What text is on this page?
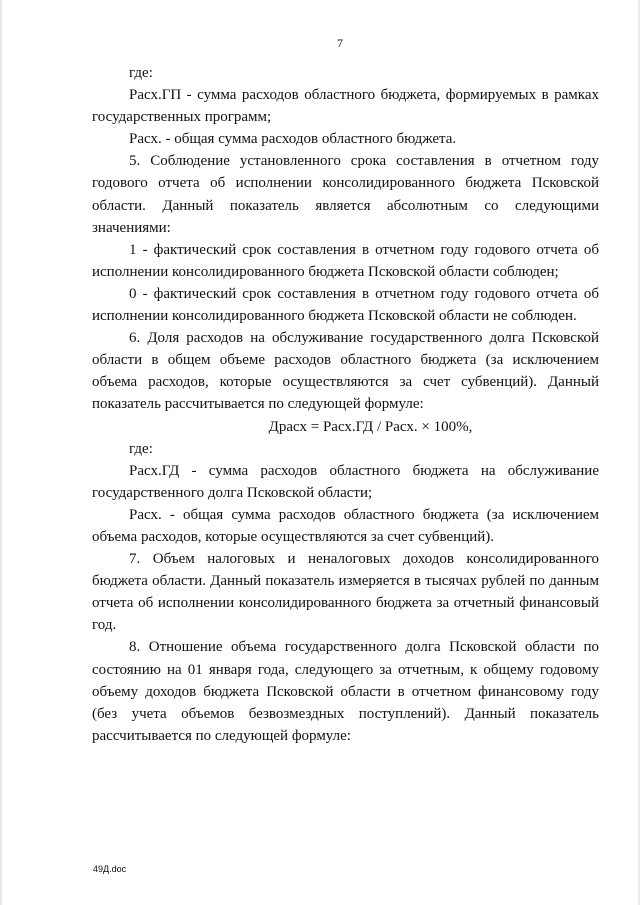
7

где:

Расх.ГП - сумма расходов областного бюджета, формируемых в рамках государственных программ;

Расх. - общая сумма расходов областного бюджета.

5. Соблюдение установленного срока составления в отчетном году годового отчета об исполнении консолидированного бюджета Псковской области. Данный показатель является абсолютным со следующими значениями:

1 - фактический срок составления в отчетном году годового отчета об исполнении консолидированного бюджета Псковской области соблюден;

0 - фактический срок составления в отчетном году годового отчета об исполнении консолидированного бюджета Псковской области не соблюден.

6. Доля расходов на обслуживание государственного долга Псковской области в общем объеме расходов областного бюджета (за исключением объема расходов, которые осуществляются за счет субвенций). Данный показатель рассчитывается по следующей формуле:

Драсх = Расх.ГД / Расх. × 100%,

где:

Расх.ГД - сумма расходов областного бюджета на обслуживание государственного долга Псковской области;

Расх. - общая сумма расходов областного бюджета (за исключением объема расходов, которые осуществляются за счет субвенций).

7. Объем налоговых и неналоговых доходов консолидированного бюджета области. Данный показатель измеряется в тысячах рублей по данным отчета об исполнении консолидированного бюджета за отчетный финансовый год.

8. Отношение объема государственного долга Псковской области по состоянию на 01 января года, следующего за отчетным, к общему годовому объему доходов бюджета Псковской области в отчетном финансовому году (без учета объемов безвозмездных поступлений). Данный показатель рассчитывается по следующей формуле:

49Д.doc
